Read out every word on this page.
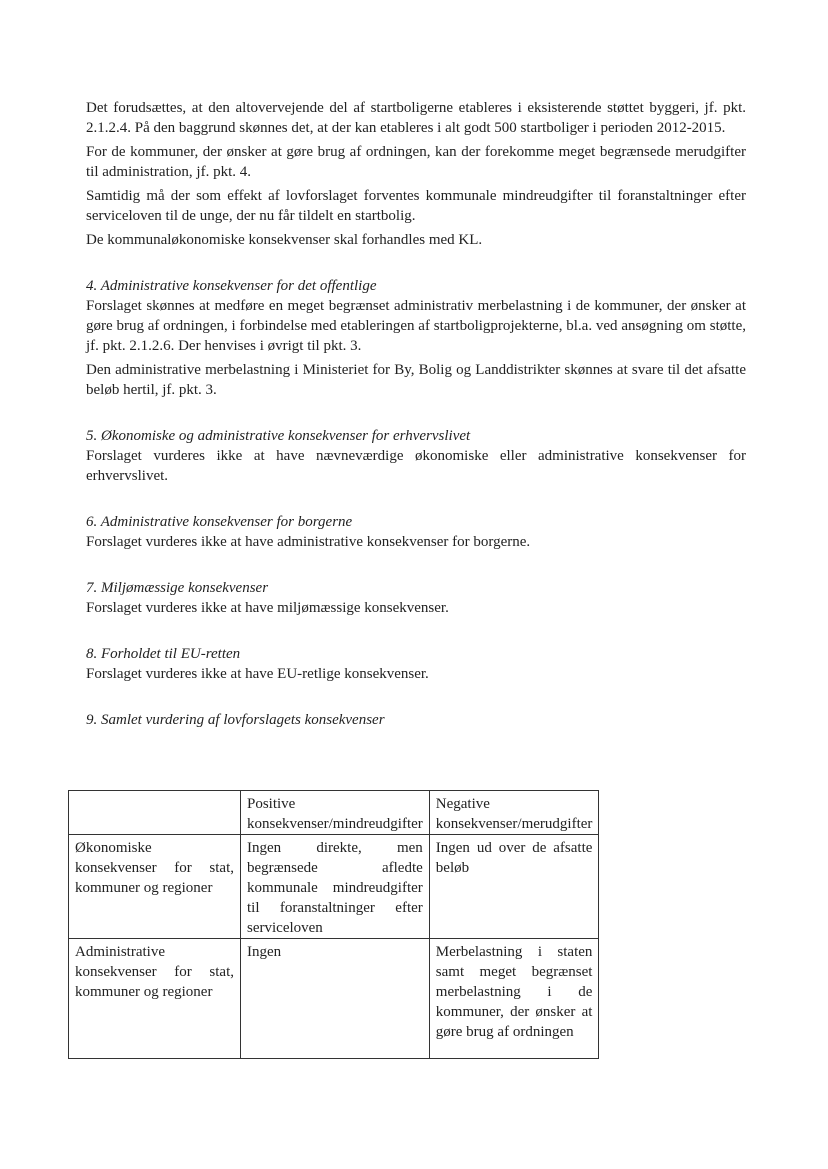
Det forudsættes, at den altovervejende del af startboligerne etableres i eksisterende støttet byggeri, jf. pkt. 2.1.2.4. På den baggrund skønnes det, at der kan etableres i alt godt 500 startboliger i perioden 2012-2015.

For de kommuner, der ønsker at gøre brug af ordningen, kan der forekomme meget begrænsede merudgifter til administration, jf. pkt. 4.

Samtidig må der som effekt af lovforslaget forventes kommunale mindreudgifter til foranstaltninger efter serviceloven til de unge, der nu får tildelt en startbolig.

De kommunaløkonomiske konsekvenser skal forhandles med KL.

4. Administrative konsekvenser for det offentlige

Forslaget skønnes at medføre en meget begrænset administrativ merbelastning i de kommuner, der ønsker at gøre brug af ordningen, i forbindelse med etableringen af startboligprojekterne, bl.a. ved ansøgning om støtte, jf. pkt. 2.1.2.6. Der henvises i øvrigt til pkt. 3.

Den administrative merbelastning i Ministeriet for By, Bolig og Landdistrikter skønnes at svare til det afsatte beløb hertil, jf. pkt. 3.

5. Økonomiske og administrative konsekvenser for erhvervslivet

Forslaget vurderes ikke at have nævneværdige økonomiske eller administrative konsekvenser for erhvervslivet.

6. Administrative konsekvenser for borgerne

Forslaget vurderes ikke at have administrative konsekvenser for borgerne.

7. Miljømæssige konsekvenser

Forslaget vurderes ikke at have miljømæssige konsekvenser.

8. Forholdet til EU-retten

Forslaget vurderes ikke at have EU-retlige konsekvenser.

9. Samlet vurdering af lovforslagets konsekvenser

	Positive konsekvenser/mindreudgifter	Negative konsekvenser/merudgifter
Økonomiske konsekvenser for stat, kommuner og regioner	Ingen direkte, men begrænsede afledte kommunale mindreudgifter til foranstaltninger efter serviceloven	Ingen ud over de afsatte beløb
Administrative konsekvenser for stat, kommuner og regioner	Ingen	Merbelastning i staten samt meget begrænset merbelastning i de kommuner, der ønsker at gøre brug af ordningen
